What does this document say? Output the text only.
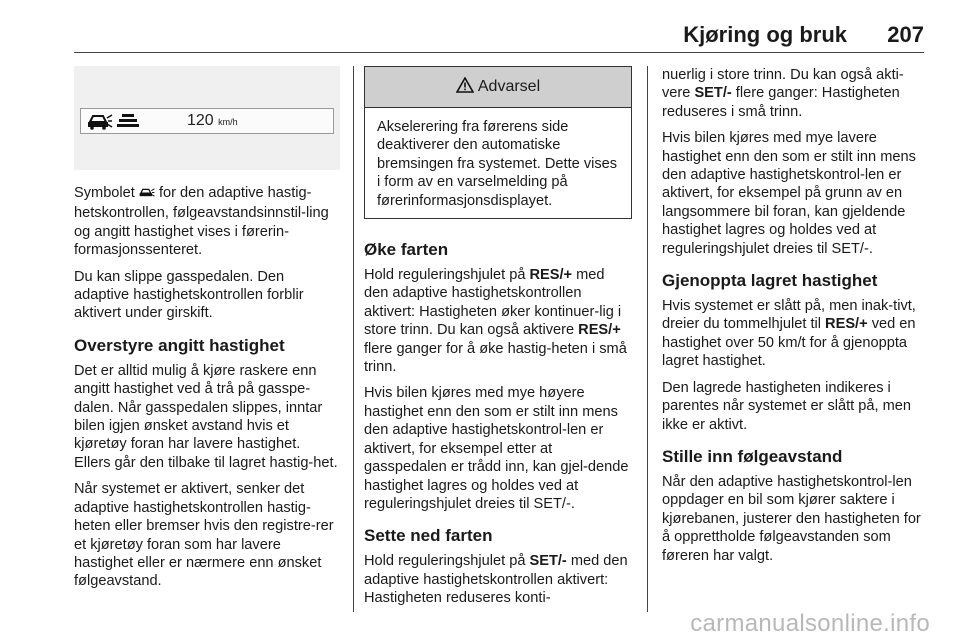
Kjøring og bruk 207
120 km/h

Symbolet  for den adaptive hastig-hetskontrollen, følgeavstandsinnstil-ling og angitt hastighet vises i førerin-formasjonssenteret.

Du kan slippe gasspedalen. Den adaptive hastighetskontrollen forblir aktivert under girskift.

Overstyre angitt hastighet

Det er alltid mulig å kjøre raskere enn angitt hastighet ved å trå på gasspe-dalen. Når gasspedalen slippes, inntar bilen igjen ønsket avstand hvis et kjøretøy foran har lavere hastighet. Ellers går den tilbake til lagret hastig-het.

Når systemet er aktivert, senker det adaptive hastighetskontrollen hastig-heten eller bremser hvis den registre-rer et kjøretøy foran som har lavere hastighet eller er nærmere enn ønsket følgeavstand.

Advarsel

Akselerering fra førerens side deaktiverer den automatiske bremsingen fra systemet. Dette vises i form av en varselmelding på førerinformasjonsdisplayet.

Øke farten

Hold reguleringshjulet på RES/+ med den adaptive hastighetskontrollen aktivert: Hastigheten øker kontinuer-lig i store trinn. Du kan også aktivere RES/+ flere ganger for å øke hastig-heten i små trinn.

Hvis bilen kjøres med mye høyere hastighet enn den som er stilt inn mens den adaptive hastighetskontrol-len er aktivert, for eksempel etter at gasspedalen er trådd inn, kan gjel-dende hastighet lagres og holdes ved at reguleringshjulet dreies til SET/-.

Sette ned farten

Hold reguleringshjulet på SET/- med den adaptive hastighetskontrollen aktivert: Hastigheten reduseres konti-

nuerlig i store trinn. Du kan også akti-vere SET/- flere ganger: Hastigheten reduseres i små trinn.

Hvis bilen kjøres med mye lavere hastighet enn den som er stilt inn mens den adaptive hastighetskontrol-len er aktivert, for eksempel på grunn av en langsommere bil foran, kan gjeldende hastighet lagres og holdes ved at reguleringshjulet dreies til SET/-.

Gjenoppta lagret hastighet

Hvis systemet er slått på, men inak-tivt, dreier du tommelhjulet til RES/+ ved en hastighet over 50 km/t for å gjenoppta lagret hastighet.

Den lagrede hastigheten indikeres i parentes når systemet er slått på, men ikke er aktivt.

Stille inn følgeavstand

Når den adaptive hastighetskontrol-len oppdager en bil som kjører saktere i kjørebanen, justerer den hastigheten for å opprettholde følgeavstanden som føreren har valgt.

carmanualsonline.info
